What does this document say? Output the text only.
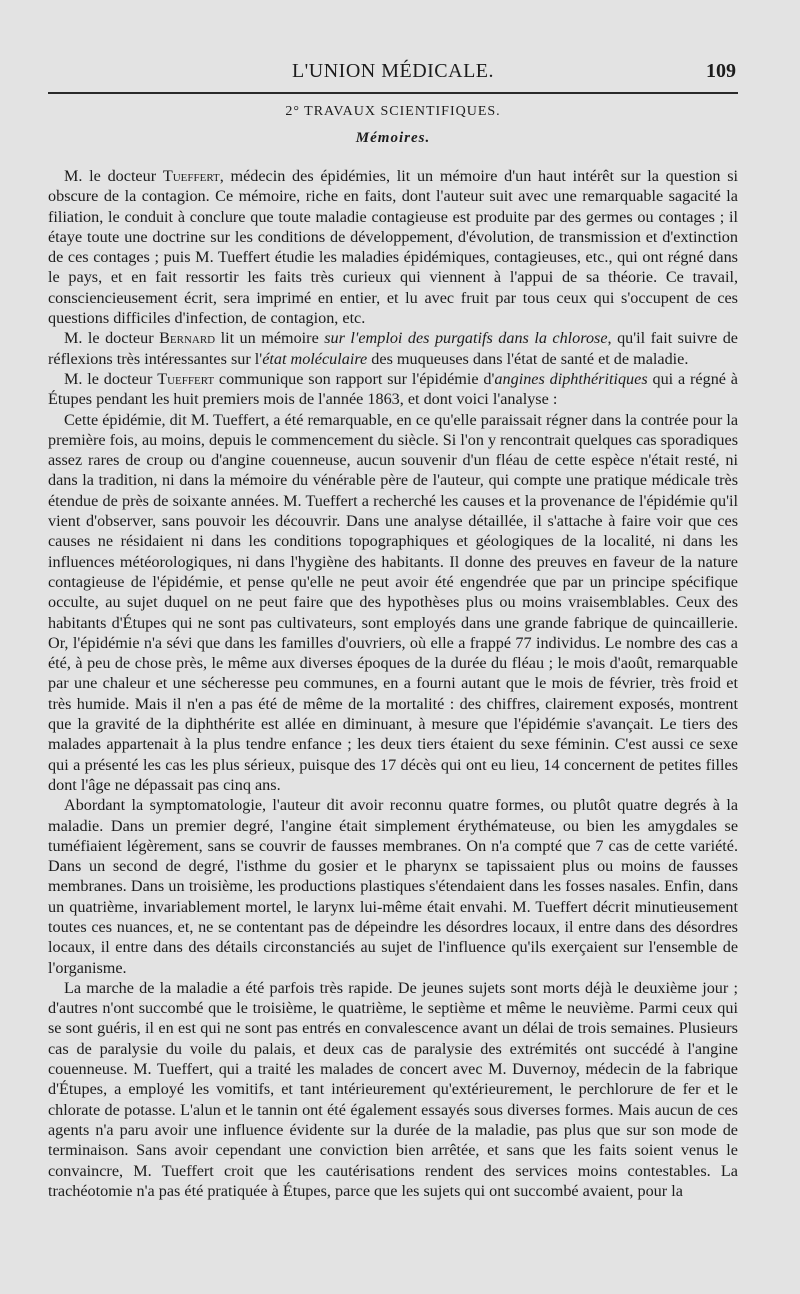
L'UNION MÉDICALE.	109
2° TRAVAUX SCIENTIFIQUES.
Mémoires.

M. le docteur Tueffert, médecin des épidémies, lit un mémoire d'un haut intérêt sur la question si obscure de la contagion. Ce mémoire, riche en faits, dont l'auteur suit avec une remarquable sagacité la filiation, le conduit à conclure que toute maladie contagieuse est produite par des germes ou contages ; il étaye toute une doctrine sur les conditions de développement, d'évolution, de transmission et d'extinction de ces contages ; puis M. Tueffert étudie les maladies épidémiques, contagieuses, etc., qui ont régné dans le pays, et en fait ressortir les faits très curieux qui viennent à l'appui de sa théorie. Ce travail, consciencieusement écrit, sera imprimé en entier, et lu avec fruit par tous ceux qui s'occupent de ces questions difficiles d'infection, de contagion, etc.

M. le docteur Bernard lit un mémoire sur l'emploi des purgatifs dans la chlorose, qu'il fait suivre de réflexions très intéressantes sur l'état moléculaire des muqueuses dans l'état de santé et de maladie.

M. le docteur Tueffert communique son rapport sur l'épidémie d'angines diphthéritiques qui a régné à Étupes pendant les huit premiers mois de l'année 1863, et dont voici l'analyse :

Cette épidémie, dit M. Tueffert, a été remarquable, en ce qu'elle paraissait régner dans la contrée pour la première fois, au moins, depuis le commencement du siècle. Si l'on y rencontrait quelques cas sporadiques assez rares de croup ou d'angine couenneuse, aucun souvenir d'un fléau de cette espèce n'était resté, ni dans la tradition, ni dans la mémoire du vénérable père de l'auteur, qui compte une pratique médicale très étendue de près de soixante années. M. Tueffert a recherché les causes et la provenance de l'épidémie qu'il vient d'observer, sans pouvoir les découvrir. Dans une analyse détaillée, il s'attache à faire voir que ces causes ne résidaient ni dans les conditions topographiques et géologiques de la localité, ni dans les influences météorologiques, ni dans l'hygiène des habitants. Il donne des preuves en faveur de la nature contagieuse de l'épidémie, et pense qu'elle ne peut avoir été engendrée que par un principe spécifique occulte, au sujet duquel on ne peut faire que des hypothèses plus ou moins vraisemblables. Ceux des habitants d'Étupes qui ne sont pas cultivateurs, sont employés dans une grande fabrique de quincaillerie. Or, l'épidémie n'a sévi que dans les familles d'ouvriers, où elle a frappé 77 individus. Le nombre des cas a été, à peu de chose près, le même aux diverses époques de la durée du fléau ; le mois d'août, remarquable par une chaleur et une sécheresse peu communes, en a fourni autant que le mois de février, très froid et très humide. Mais il n'en a pas été de même de la mortalité : des chiffres, clairement exposés, montrent que la gravité de la diphthérite est allée en diminuant, à mesure que l'épidémie s'avançait. Le tiers des malades appartenait à la plus tendre enfance ; les deux tiers étaient du sexe féminin. C'est aussi ce sexe qui a présenté les cas les plus sérieux, puisque des 17 décès qui ont eu lieu, 14 concernent de petites filles dont l'âge ne dépassait pas cinq ans.

Abordant la symptomatologie, l'auteur dit avoir reconnu quatre formes, ou plutôt quatre degrés à la maladie. Dans un premier degré, l'angine était simplement érythémateuse, ou bien les amygdales se tuméfiaient légèrement, sans se couvrir de fausses membranes. On n'a compté que 7 cas de cette variété. Dans un second de degré, l'isthme du gosier et le pharynx se tapissaient plus ou moins de fausses membranes. Dans un troisième, les productions plastiques s'étendaient dans les fosses nasales. Enfin, dans un quatrième, invariablement mortel, le larynx lui-même était envahi. M. Tueffert décrit minutieusement toutes ces nuances, et, ne se contentant pas de dépeindre les désordres locaux, il entre dans des désordres locaux, il entre dans des détails circonstanciés au sujet de l'influence qu'ils exerçaient sur l'ensemble de l'organisme.

La marche de la maladie a été parfois très rapide. De jeunes sujets sont morts déjà le deuxième jour ; d'autres n'ont succombé que le troisième, le quatrième, le septième et même le neuvième. Parmi ceux qui se sont guéris, il en est qui ne sont pas entrés en convalescence avant un délai de trois semaines. Plusieurs cas de paralysie du voile du palais, et deux cas de paralysie des extrémités ont succédé à l'angine couenneuse. M. Tueffert, qui a traité les malades de concert avec M. Duvernoy, médecin de la fabrique d'Étupes, a employé les vomitifs, et tant intérieurement qu'extérieurement, le perchlorure de fer et le chlorate de potasse. L'alun et le tannin ont été également essayés sous diverses formes. Mais aucun de ces agents n'a paru avoir une influence évidente sur la durée de la maladie, pas plus que sur son mode de terminaison. Sans avoir cependant une conviction bien arrêtée, et sans que les faits soient venus le convaincre, M. Tueffert croit que les cautérisations rendent des services moins contestables. La trachéotomie n'a pas été pratiquée à Étupes, parce que les sujets qui ont succombé avaient, pour la
